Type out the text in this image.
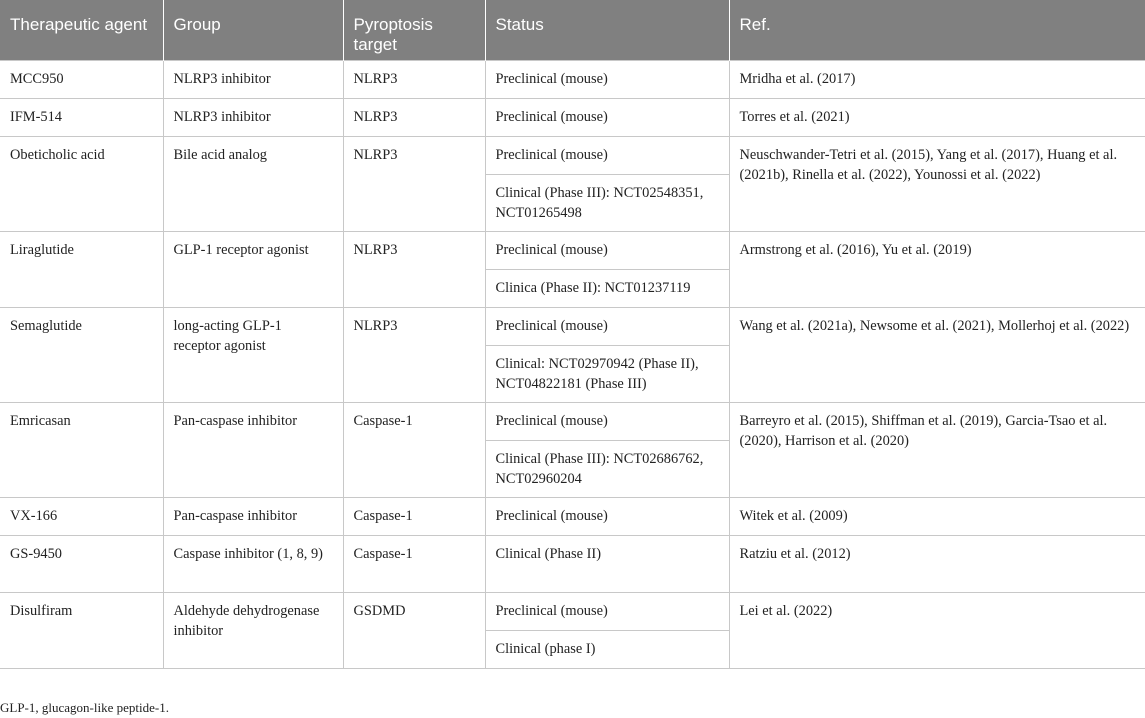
Therapeutic agent	Group	Pyroptosis target	Status	Ref.
MCC950	NLRP3 inhibitor	NLRP3	Preclinical (mouse)	Mridha et al. (2017)
IFM-514	NLRP3 inhibitor	NLRP3	Preclinical (mouse)	Torres et al. (2021)
Obeticholic acid	Bile acid analog	NLRP3	Preclinical (mouse)	Neuschwander-Tetri et al. (2015), Yang et al. (2017), Huang et al. (2021b), Rinella et al. (2022), Younossi et al. (2022)
			Clinical (Phase III): NCT02548351, NCT01265498	
Liraglutide	GLP-1 receptor agonist	NLRP3	Preclinical (mouse)	Armstrong et al. (2016), Yu et al. (2019)
			Clinica (Phase II): NCT01237119	
Semaglutide	long-acting GLP-1 receptor agonist	NLRP3	Preclinical (mouse)	Wang et al. (2021a), Newsome et al. (2021), Mollerhoj et al. (2022)
			Clinical: NCT02970942 (Phase II), NCT04822181 (Phase III)	
Emricasan	Pan-caspase inhibitor	Caspase-1	Preclinical (mouse)	Barreyro et al. (2015), Shiffman et al. (2019), Garcia-Tsao et al. (2020), Harrison et al. (2020)
			Clinical (Phase III): NCT02686762, NCT02960204	
VX-166	Pan-caspase inhibitor	Caspase-1	Preclinical (mouse)	Witek et al. (2009)
GS-9450	Caspase inhibitor (1, 8, 9)	Caspase-1	Clinical (Phase II)	Ratziu et al. (2012)
Disulfiram	Aldehyde dehydrogenase inhibitor	GSDMD	Preclinical (mouse)	Lei et al. (2022)
			Clinical (phase I)	

GLP-1, glucagon-like peptide-1.
